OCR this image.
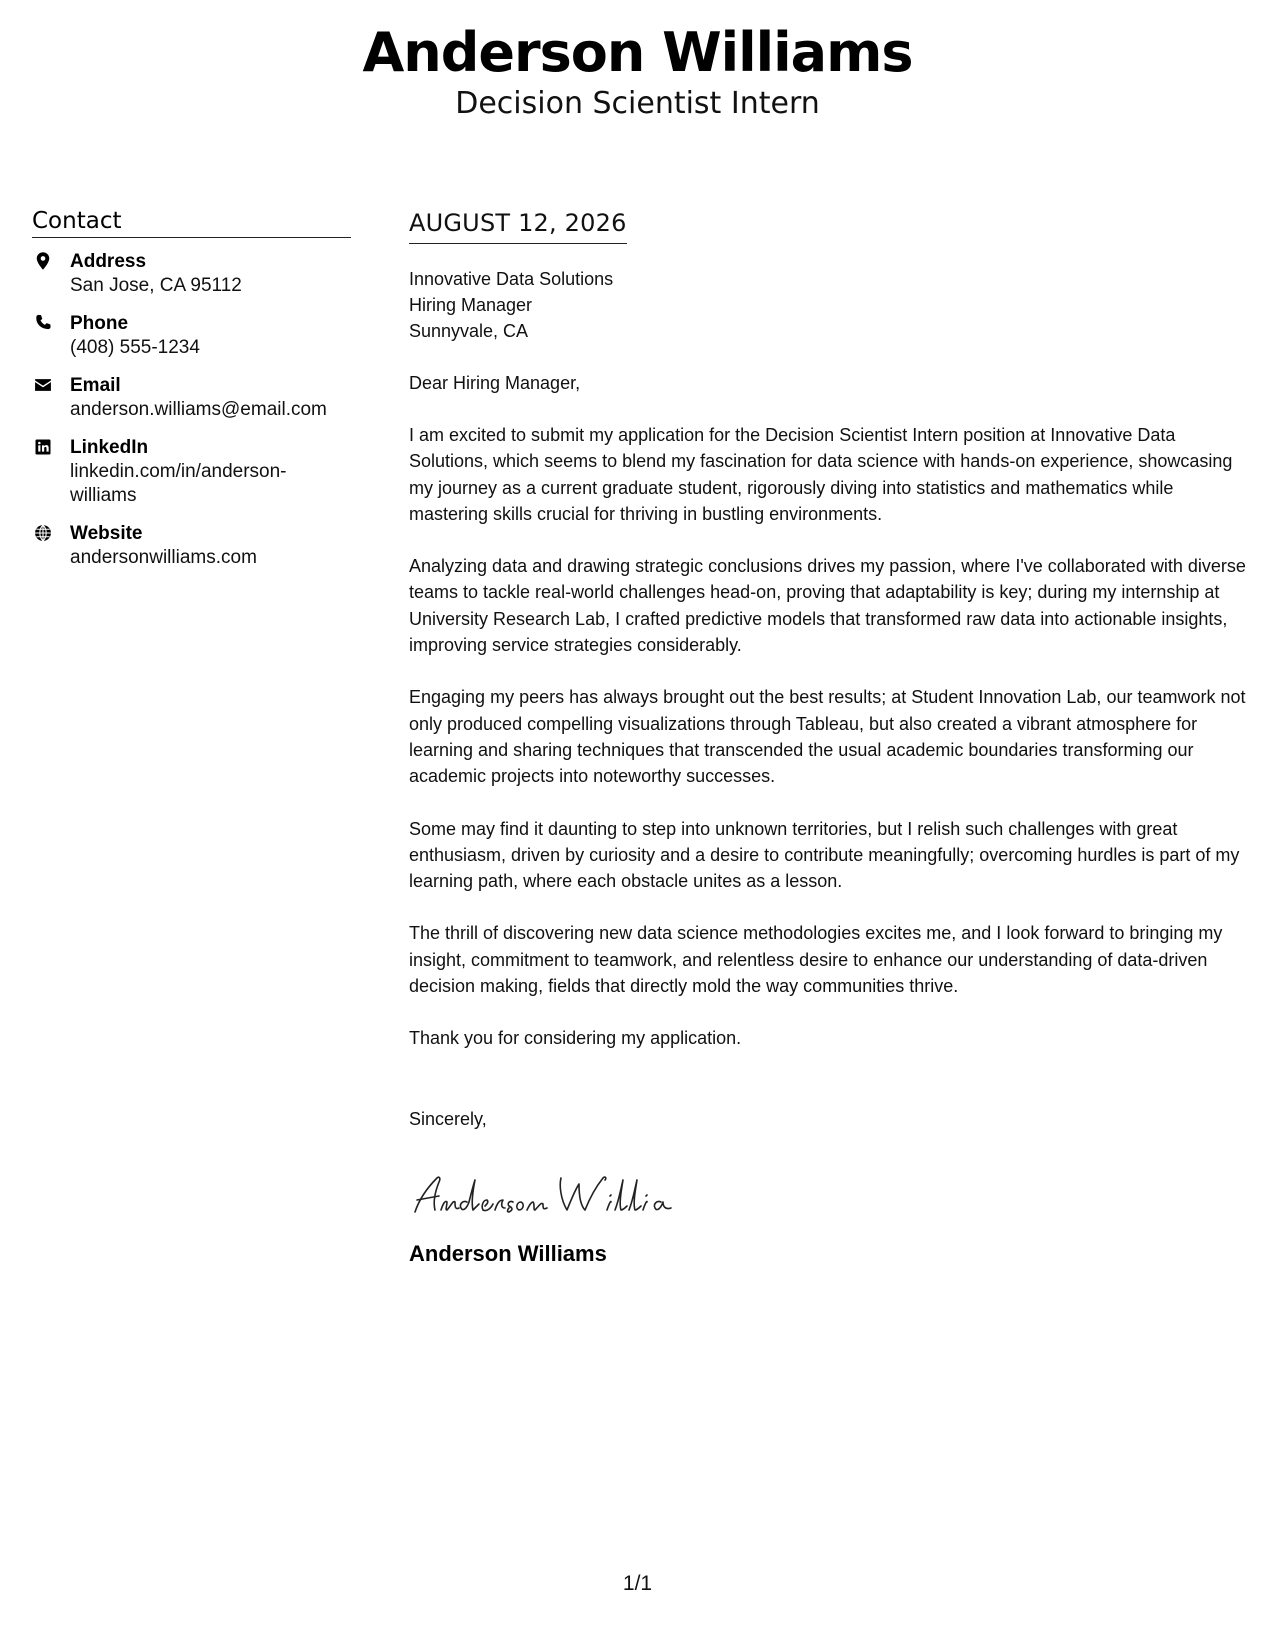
Anderson Williams
Decision Scientist Intern
Contact
Address
San Jose, CA 95112
Phone
(408) 555-1234
Email
anderson.williams@email.com
LinkedIn
linkedin.com/in/anderson-williams
Website
andersonwilliams.com
AUGUST 12, 2026
Innovative Data Solutions
Hiring Manager
Sunnyvale, CA
Dear Hiring Manager,

I am excited to submit my application for the Decision Scientist Intern position at Innovative Data Solutions, which seems to blend my fascination for data science with hands-on experience, showcasing my journey as a current graduate student, rigorously diving into statistics and mathematics while mastering skills crucial for thriving in bustling environments.

Analyzing data and drawing strategic conclusions drives my passion, where I've collaborated with diverse teams to tackle real-world challenges head-on, proving that adaptability is key; during my internship at University Research Lab, I crafted predictive models that transformed raw data into actionable insights, improving service strategies considerably.

Engaging my peers has always brought out the best results; at Student Innovation Lab, our teamwork not only produced compelling visualizations through Tableau, but also created a vibrant atmosphere for learning and sharing techniques that transcended the usual academic boundaries transforming our academic projects into noteworthy successes.

Some may find it daunting to step into unknown territories, but I relish such challenges with great enthusiasm, driven by curiosity and a desire to contribute meaningfully; overcoming hurdles is part of my learning path, where each obstacle unites as a lesson.

The thrill of discovering new data science methodologies excites me, and I look forward to bringing my insight, commitment to teamwork, and relentless desire to enhance our understanding of data-driven decision making, fields that directly mold the way communities thrive.

Thank you for considering my application.

Sincerely,
Anderson Williams
1/1
